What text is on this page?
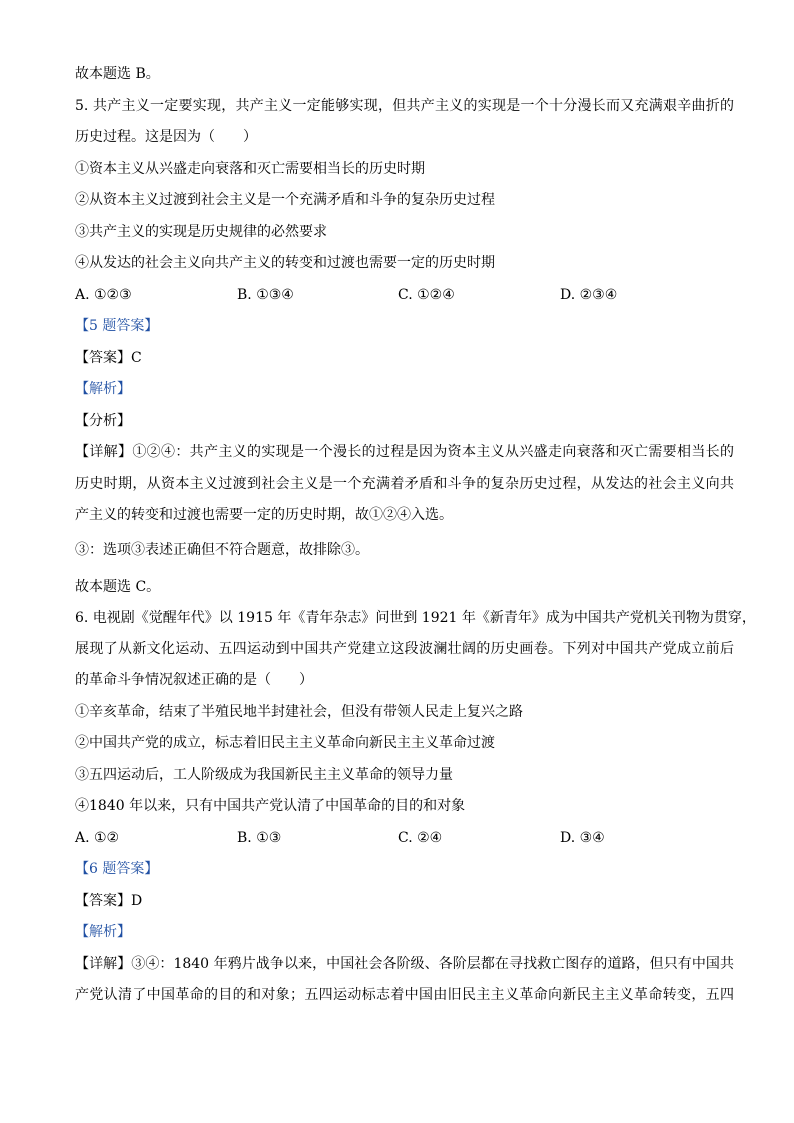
故本题选 B。
5. 共产主义一定要实现，共产主义一定能够实现，但共产主义的实现是一个十分漫长而又充满艰辛曲折的
历史过程。这是因为（　　）
①资本主义从兴盛走向衰落和灭亡需要相当长的历史时期
②从资本主义过渡到社会主义是一个充满矛盾和斗争的复杂历史过程
③共产主义的实现是历史规律的必然要求
④从发达的社会主义向共产主义的转变和过渡也需要一定的历史时期
A. ①②③	B. ①③④	C. ①②④	D. ②③④
【5 题答案】
【答案】C
【解析】
【分析】
【详解】①②④：共产主义的实现是一个漫长的过程是因为资本主义从兴盛走向衰落和灭亡需要相当长的
历史时期，从资本主义过渡到社会主义是一个充满着矛盾和斗争的复杂历史过程，从发达的社会主义向共
产主义的转变和过渡也需要一定的历史时期，故①②④入选。
③：选项③表述正确但不符合题意，故排除③。
故本题选 C。
6. 电视剧《觉醒年代》以 1915 年《青年杂志》问世到 1921 年《新青年》成为中国共产党机关刊物为贯穿，
展现了从新文化运动、五四运动到中国共产党建立这段波澜壮阔的历史画卷。下列对中国共产党成立前后
的革命斗争情况叙述正确的是（　　）
①辛亥革命，结束了半殖民地半封建社会，但没有带领人民走上复兴之路
②中国共产党的成立，标志着旧民主主义革命向新民主主义革命过渡
③五四运动后，工人阶级成为我国新民主主义革命的领导力量
④1840 年以来，只有中国共产党认清了中国革命的目的和对象
A. ①②	B. ①③	C. ②④	D. ③④
【6 题答案】
【答案】D
【解析】
【详解】③④：1840 年鸦片战争以来，中国社会各阶级、各阶层都在寻找救亡图存的道路，但只有中国共
产党认清了中国革命的目的和对象；五四运动标志着中国由旧民主主义革命向新民主主义革命转变，五四
